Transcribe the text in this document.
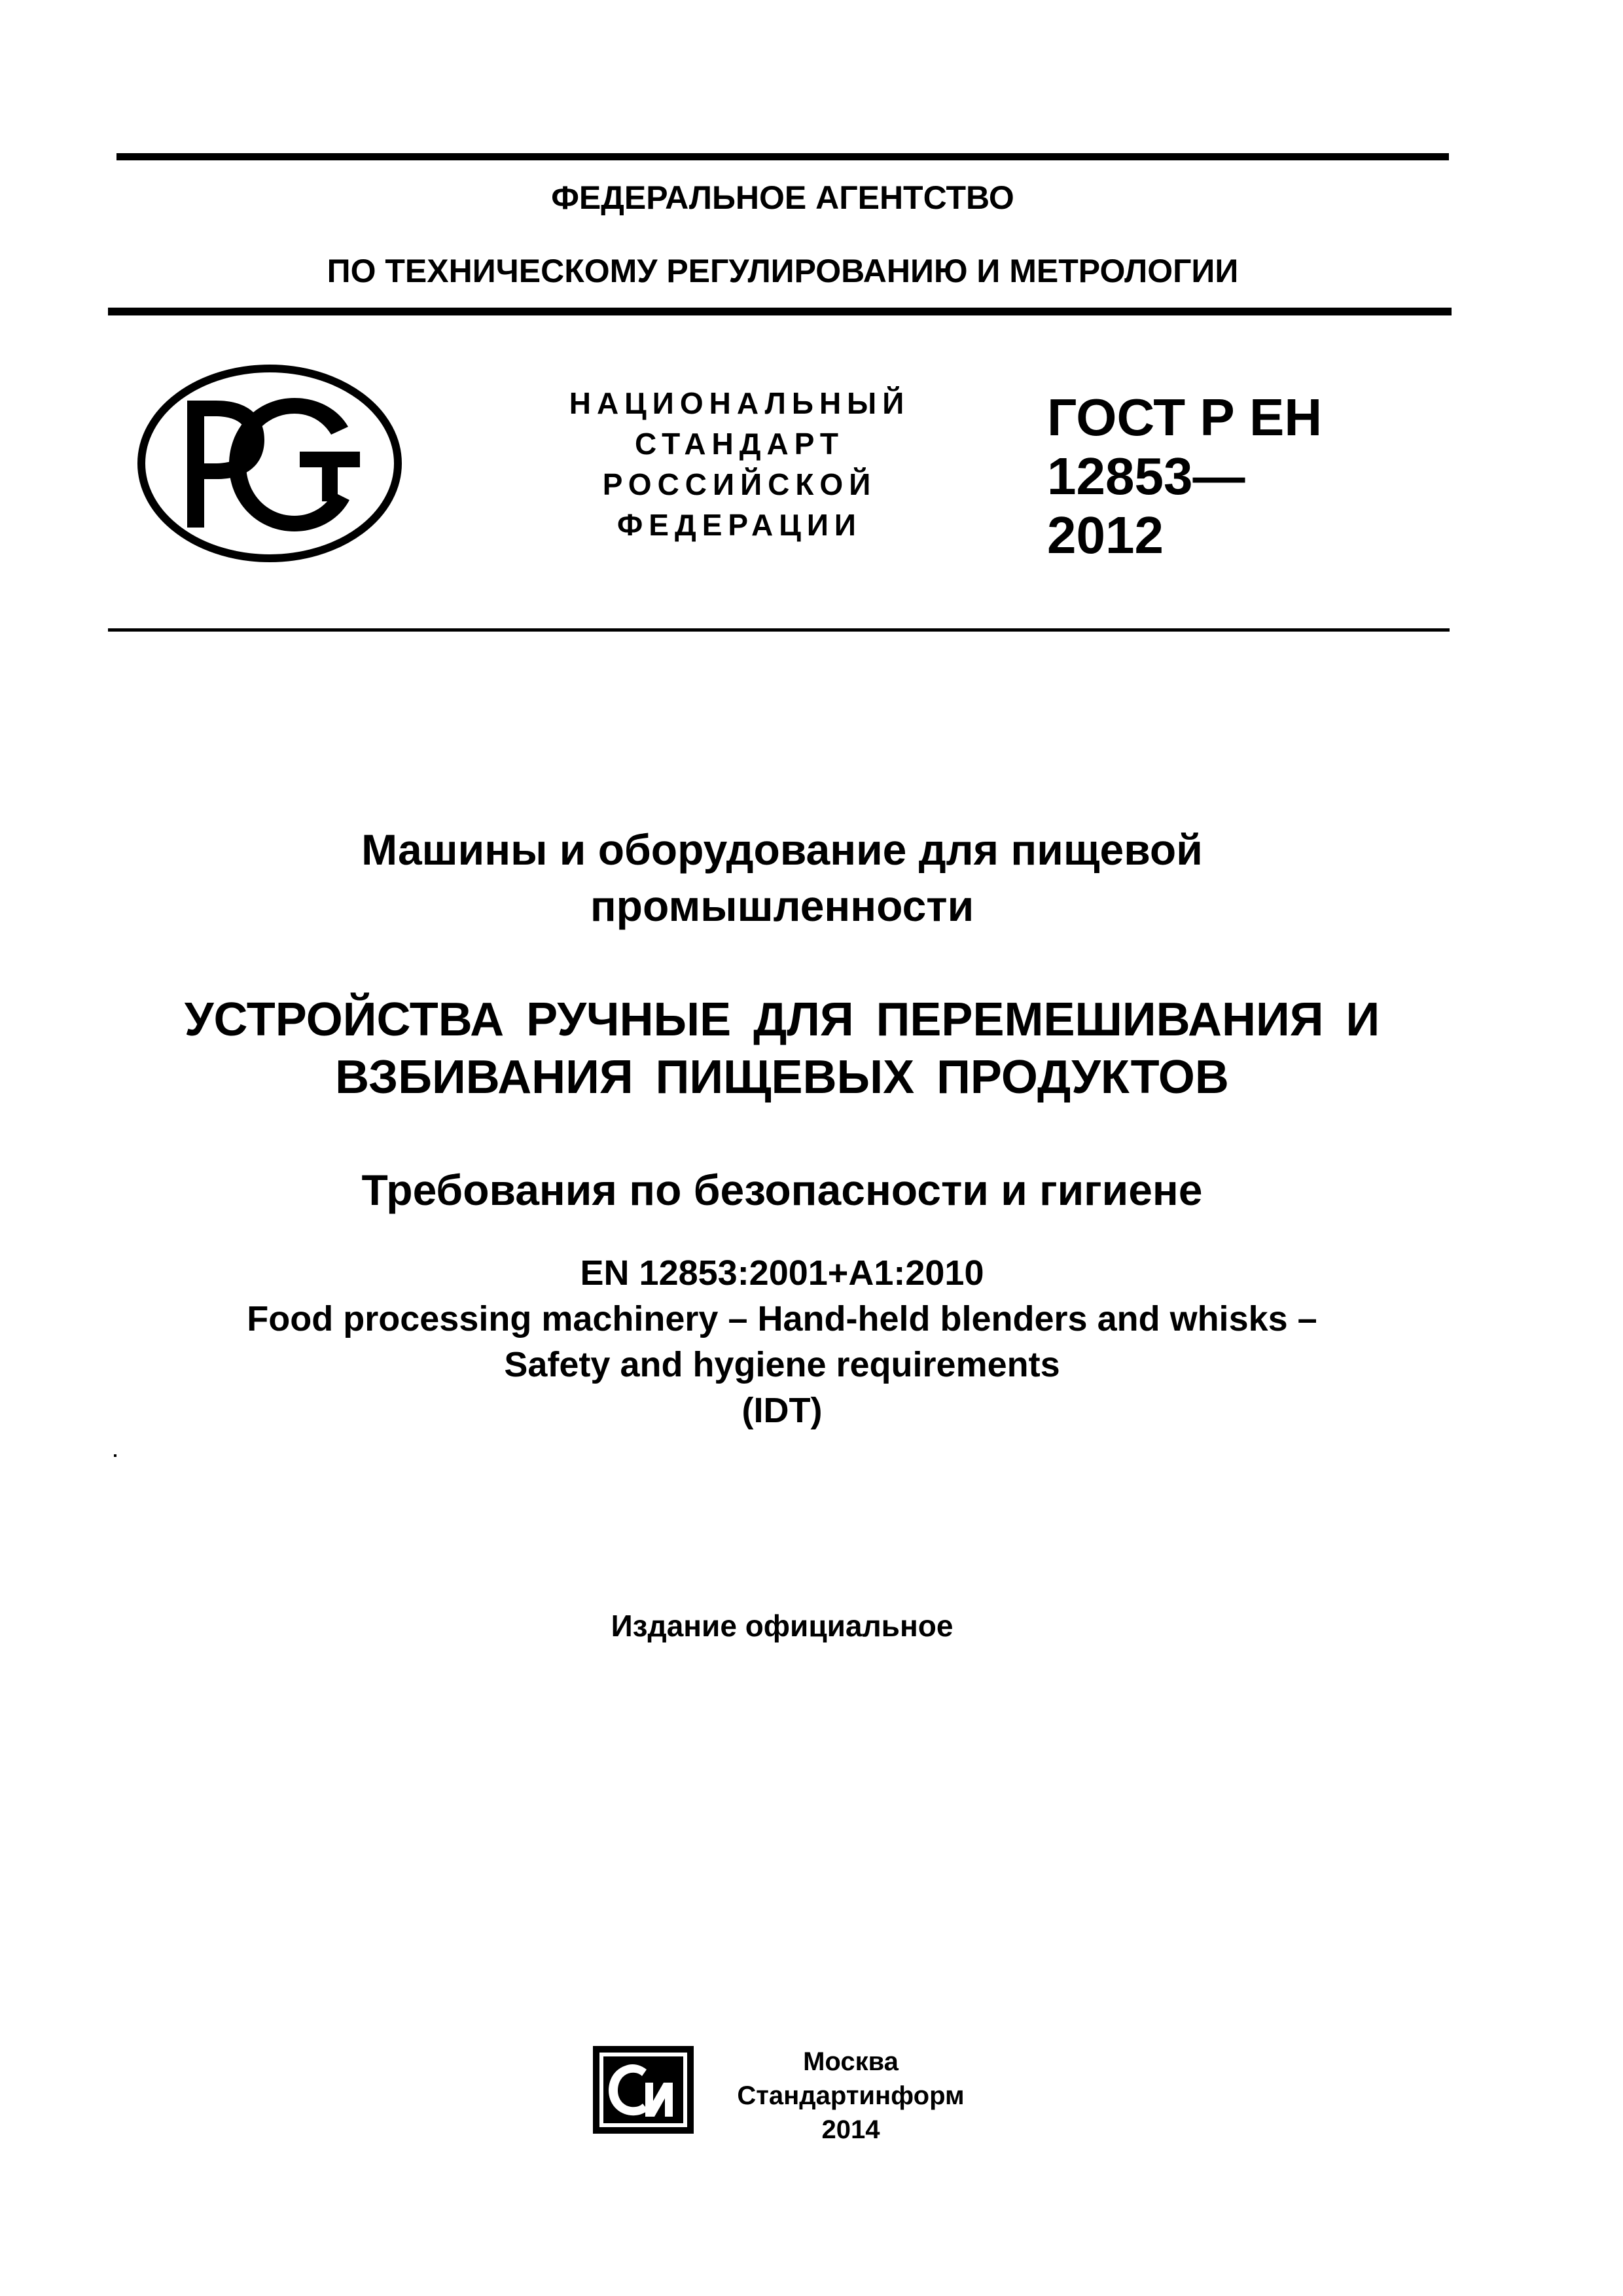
ФЕДЕРАЛЬНОЕ АГЕНТСТВО
ПО ТЕХНИЧЕСКОМУ РЕГУЛИРОВАНИЮ И МЕТРОЛОГИИ
НАЦИОНАЛЬНЫЙ
СТАНДАРТ
РОССИЙСКОЙ
ФЕДЕРАЦИИ
ГОСТ Р ЕН
12853—
2012
Машины и оборудование для пищевой
промышленности
УСТРОЙСТВА РУЧНЫЕ ДЛЯ ПЕРЕМЕШИВАНИЯ И
ВЗБИВАНИЯ ПИЩЕВЫХ ПРОДУКТОВ
Требования по безопасности и гигиене
EN 12853:2001+A1:2010
Food processing machinery – Hand-held blenders and whisks –
Safety and hygiene requirements
(IDT)
Издание официальное
Москва
Стандартинформ
2014
